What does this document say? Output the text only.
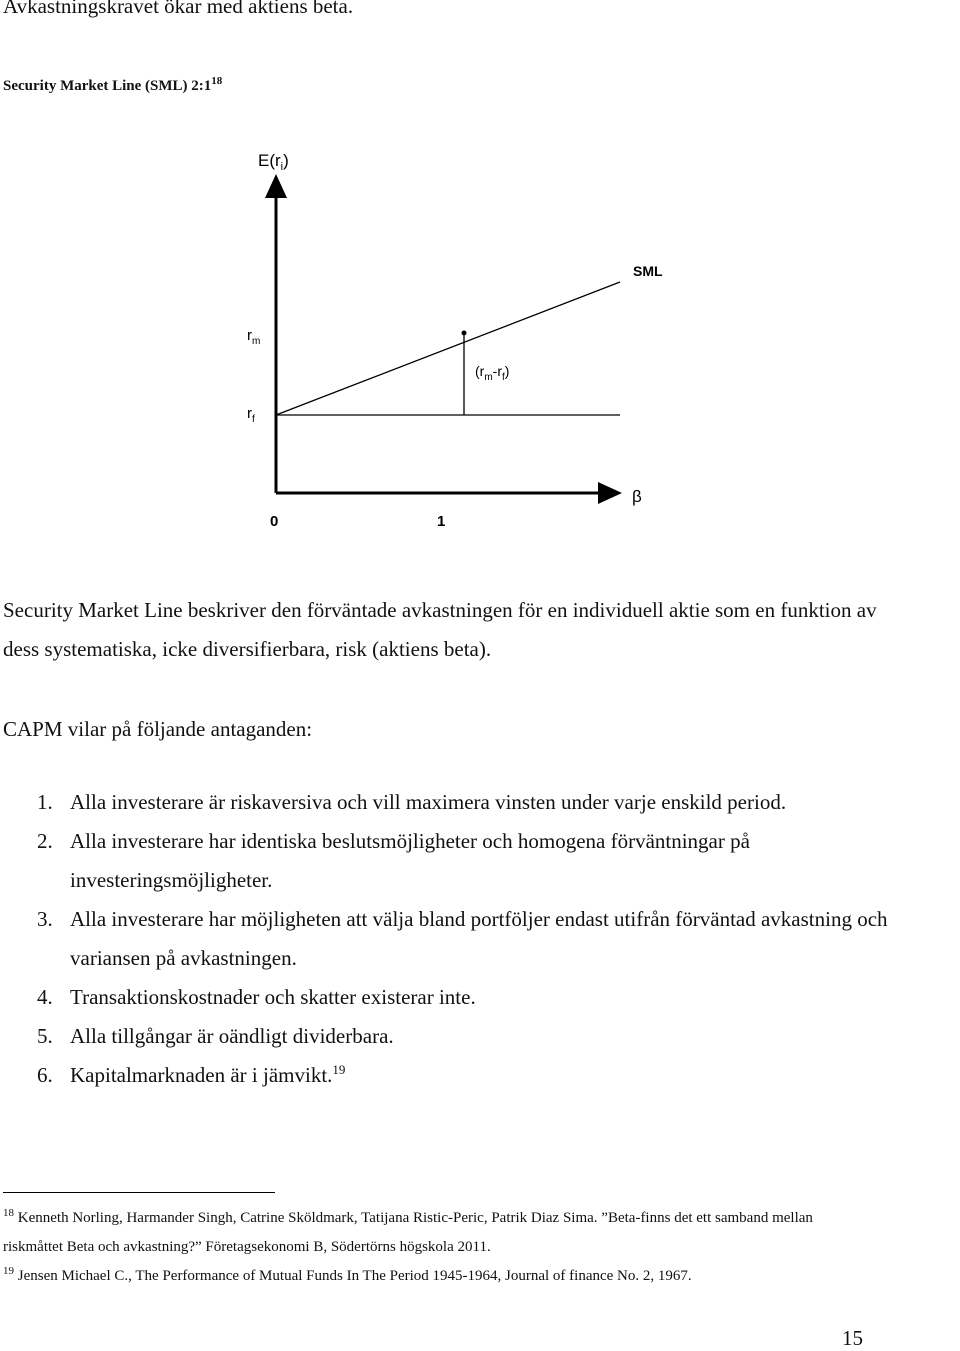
Avkastningskravet ökar med aktiens beta.
Security Market Line (SML) $2:1^{18}$
$E(r_i)$
SML
$r_m$
$r_f$
$(r_m-r_f)$
β
0	1
Security Market Line beskriver den förväntade avkastningen för en individuell aktie som en funktion av
dess systematiska, icke diversifierbara, risk (aktiens beta).
CAPM vilar på följande antaganden:
1. Alla investerare är riskaversiva och vill maximera vinsten under varje enskild period.
2. Alla investerare har identiska beslutsmöjligheter och homogena förväntningar på
investeringsmöjligheter.
3. Alla investerare har möjligheten att välja bland portföljer endast utifrån förväntad avkastning och
variansen på avkastningen.
4. Transaktionskostnader och skatter existerar inte.
5. Alla tillgångar är oändligt dividerbara.
6. Kapitalmarknaden är i jämvikt.$^{19}$
$^{18}$ Kenneth Norling, Harmander Singh, Catrine Sköldmark, Tatijana Ristic-Peric, Patrik Diaz Sima. ”Beta-finns det ett samband mellan
riskmåttet Beta och avkastning?” Företagsekonomi B, Södertörns högskola 2011.
$^{19}$ Jensen Michael C., The Performance of Mutual Funds In The Period 1945-1964, Journal of finance No. 2, 1967.
15
